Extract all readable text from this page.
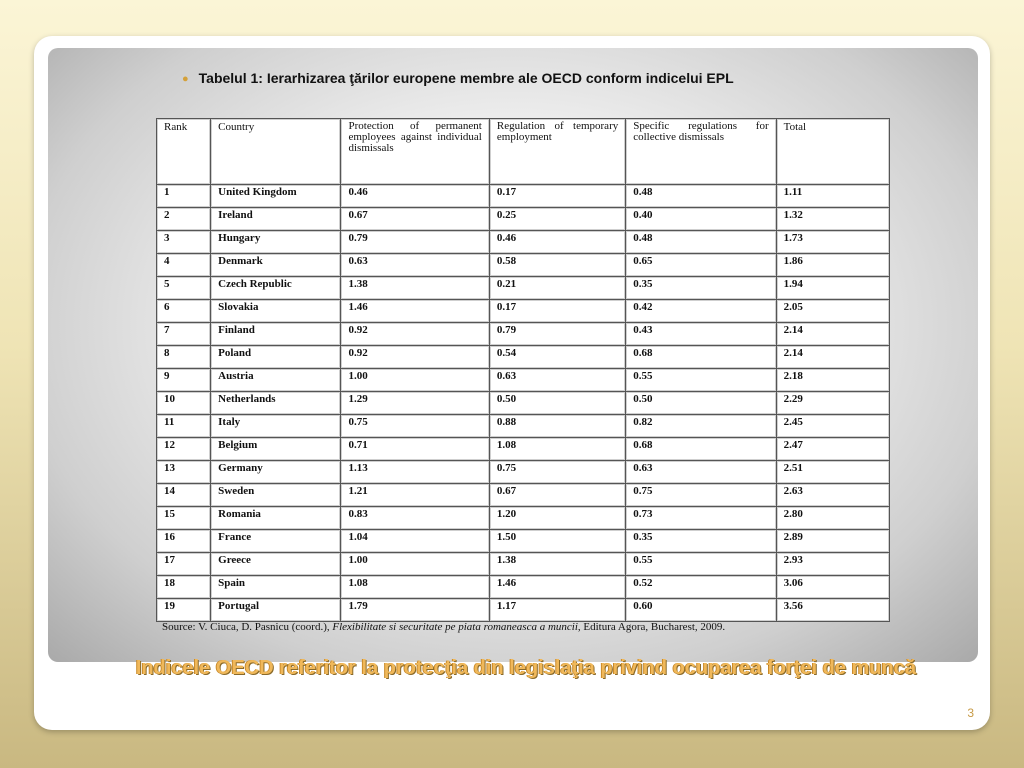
● Tabelul 1: Ierarhizarea ţărilor europene membre ale OECD conform indicelui EPL
Rank	Country	Protection of permanent employees against individual dismissals	Regulation of temporary employment	Specific regulations for collective dismissals	Total
1	United Kingdom	0.46	0.17	0.48	1.11
2	Ireland	0.67	0.25	0.40	1.32
3	Hungary	0.79	0.46	0.48	1.73
4	Denmark	0.63	0.58	0.65	1.86
5	Czech Republic	1.38	0.21	0.35	1.94
6	Slovakia	1.46	0.17	0.42	2.05
7	Finland	0.92	0.79	0.43	2.14
8	Poland	0.92	0.54	0.68	2.14
9	Austria	1.00	0.63	0.55	2.18
10	Netherlands	1.29	0.50	0.50	2.29
11	Italy	0.75	0.88	0.82	2.45
12	Belgium	0.71	1.08	0.68	2.47
13	Germany	1.13	0.75	0.63	2.51
14	Sweden	1.21	0.67	0.75	2.63
15	Romania	0.83	1.20	0.73	2.80
16	France	1.04	1.50	0.35	2.89
17	Greece	1.00	1.38	0.55	2.93
18	Spain	1.08	1.46	0.52	3.06
19	Portugal	1.79	1.17	0.60	3.56
Source: V. Ciuca, D. Pasnicu (coord.), Flexibilitate si securitate pe piata romaneasca a muncii, Editura Agora, Bucharest, 2009.
Indicele OECD referitor la protecţia din legislaţia privind ocuparea forţei de muncă
3
